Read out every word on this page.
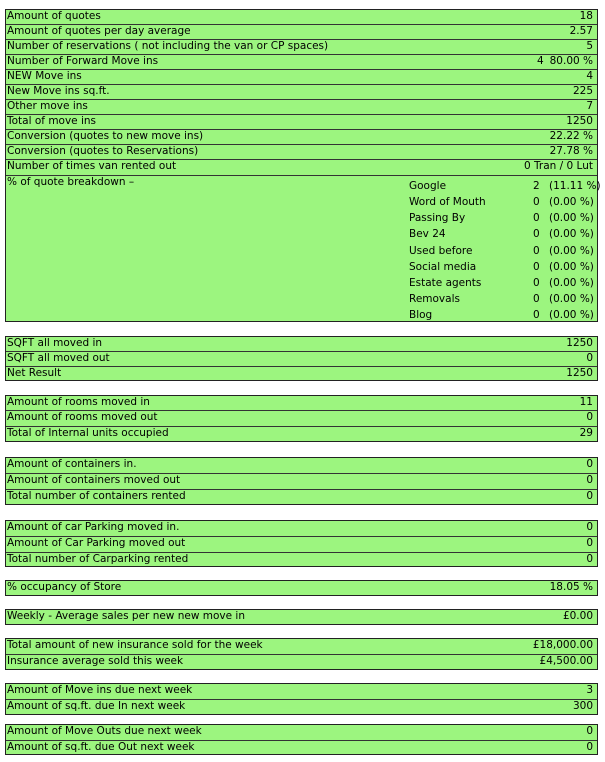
Amount of quotes	18
Amount of quotes per day average	2.57
Number of reservations ( not including the van or CP spaces)	5
Number of Forward Move ins	4 80.00 %
NEW Move ins	4
New Move ins sq.ft.	225
Other move ins	7
Total of move ins	1250
Conversion (quotes to new move ins)	22.22 %
Conversion (quotes to Reservations)	27.78 %
Number of times van rented out	0 Tran / 0 Lut
% of quote breakdown –	Google	2 (11.11 %)
Word of Mouth	0 (0.00 %)
Passing By	0 (0.00 %)
Bev 24	0 (0.00 %)
Used before	0 (0.00 %)
Social media	0 (0.00 %)
Estate agents	0 (0.00 %)
Removals	0 (0.00 %)
Blog	0 (0.00 %)
SQFT all moved in	1250
SQFT all moved out	0
Net Result	1250
Amount of rooms moved in	11
Amount of rooms moved out	0
Total of Internal units occupied	29
Amount of containers in.	0
Amount of containers moved out	0
Total number of containers rented	0
Amount of car Parking moved in.	0
Amount of Car Parking moved out	0
Total number of Carparking rented	0
% occupancy of Store	18.05 %
Weekly - Average sales per new new move in	£0.00
Total amount of new insurance sold for the week	£18,000.00
Insurance average sold this week	£4,500.00
Amount of Move ins due next week	3
Amount of sq.ft. due In next week	300
Amount of Move Outs due next week	0
Amount of sq.ft. due Out next week	0
